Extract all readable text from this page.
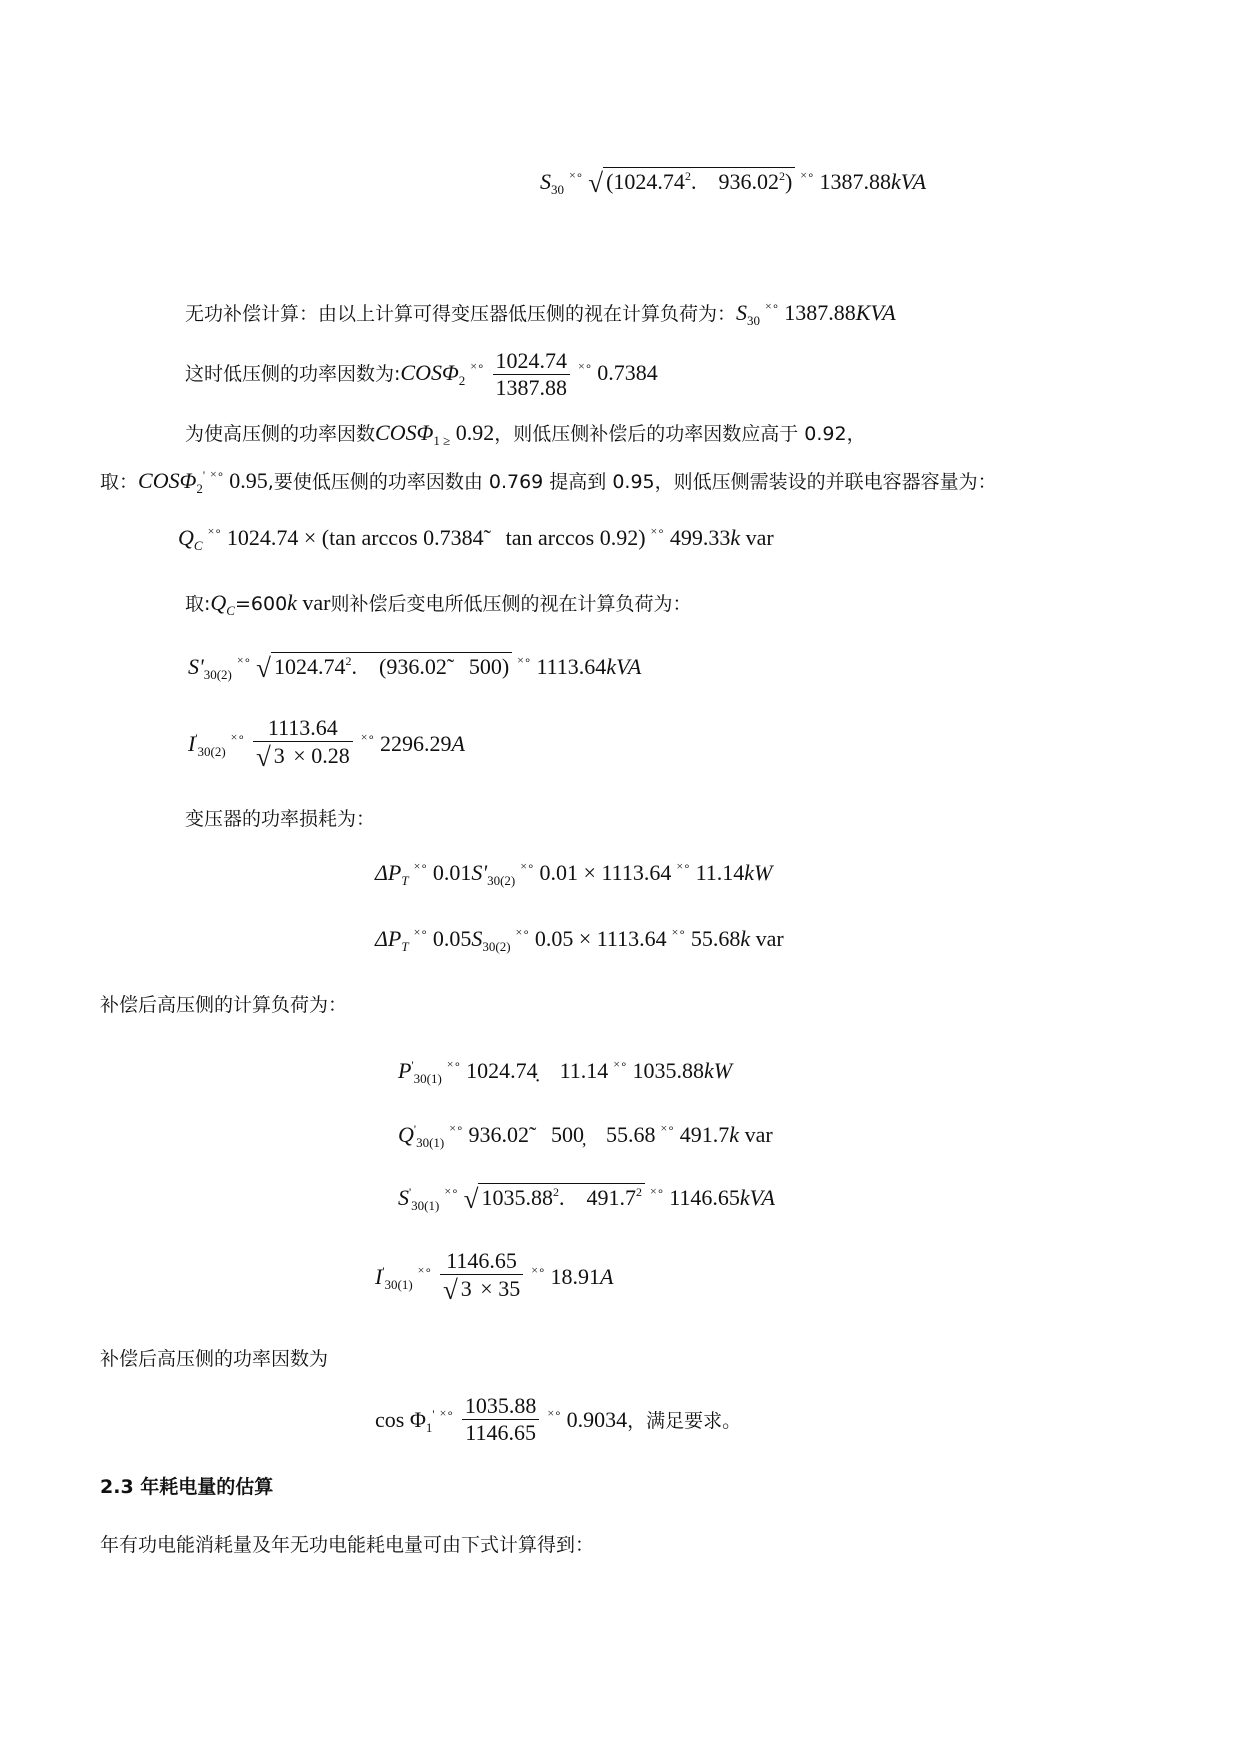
$S_{30}^{\times\circ}$ √ (1024.74$^2$. 936.02$^2$) ×∘ 1387.88kVA
无功补偿计算：由以上计算可得变压器低压侧的视在计算负荷为：$S_{30}^{\times\circ}$ 1387.88KVA
这时低压侧的功率因数为$:COS\Phi_2^{\times\circ} \frac{1024.74}{1387.88} ^{\times\circ}$ 0.7384
为使高压侧的功率因数$COS\Phi_{1 \ge}$ 0.92，则低压侧补偿后的功率因数应高于 0.92，
取：$COS\Phi_2'$ ×∘ 0.95,要使低压侧的功率因数由 0.769 提高到 0.95，则低压侧需装设的并联电容器容量为：
$Q_C^{\times\circ}$ 1024.74 × (tan arccos 0.7384 tan arccos 0.92) ×∘ 499.33k var
取$:Q_C=600k$ var则补偿后变电所低压侧的视在计算负荷为：
$S'_{30(2)}^{\times\circ}$ √ 1024.74$^2$. (936.02 500) ×∘ 1113.64kVA
$I'_{30(2)}^{\times\circ} \frac{1113.64}{√ 3 \times 0.28} ^{\times\circ}$ 2296.29A
变压器的功率损耗为：
$\Delta P_T^{\times\circ}$ $0.01S'_{30(2)}^{\times\circ}$ 0.01 × 1113.64 ×∘ 11.14kW
$\Delta P_T^{\times\circ}$ $0.05S_{30(2)}^{\times\circ}$ 0.05 × 1113.64 ×∘ 55.68k var
补偿后高压侧的计算负荷为：
$P'_{30(1)}^{\times\circ}$ 1024.74 11.14 ×∘ 1035.88kW
$Q'_{30(1)}^{\times\circ}$ 936.02 500 55.68 ×∘ 491.7k var
$S'_{30(1)}^{\times\circ}$ √ 1035.88$^2$. 491.7$^2$ ×∘ 1146.65kVA
$I'_{30(1)}^{\times\circ} \frac{1146.65}{√ 3 \times 35} ^{\times\circ}$ 18.91A
补偿后高压侧的功率因数为
$\cos \Phi_1'$ $^{\times\circ} \frac{1035.88}{1146.65} ^{\times\circ}$ 0.9034，满足要求。
2.3 年耗电量的估算
年有功电能消耗量及年无功电能耗电量可由下式计算得到：
